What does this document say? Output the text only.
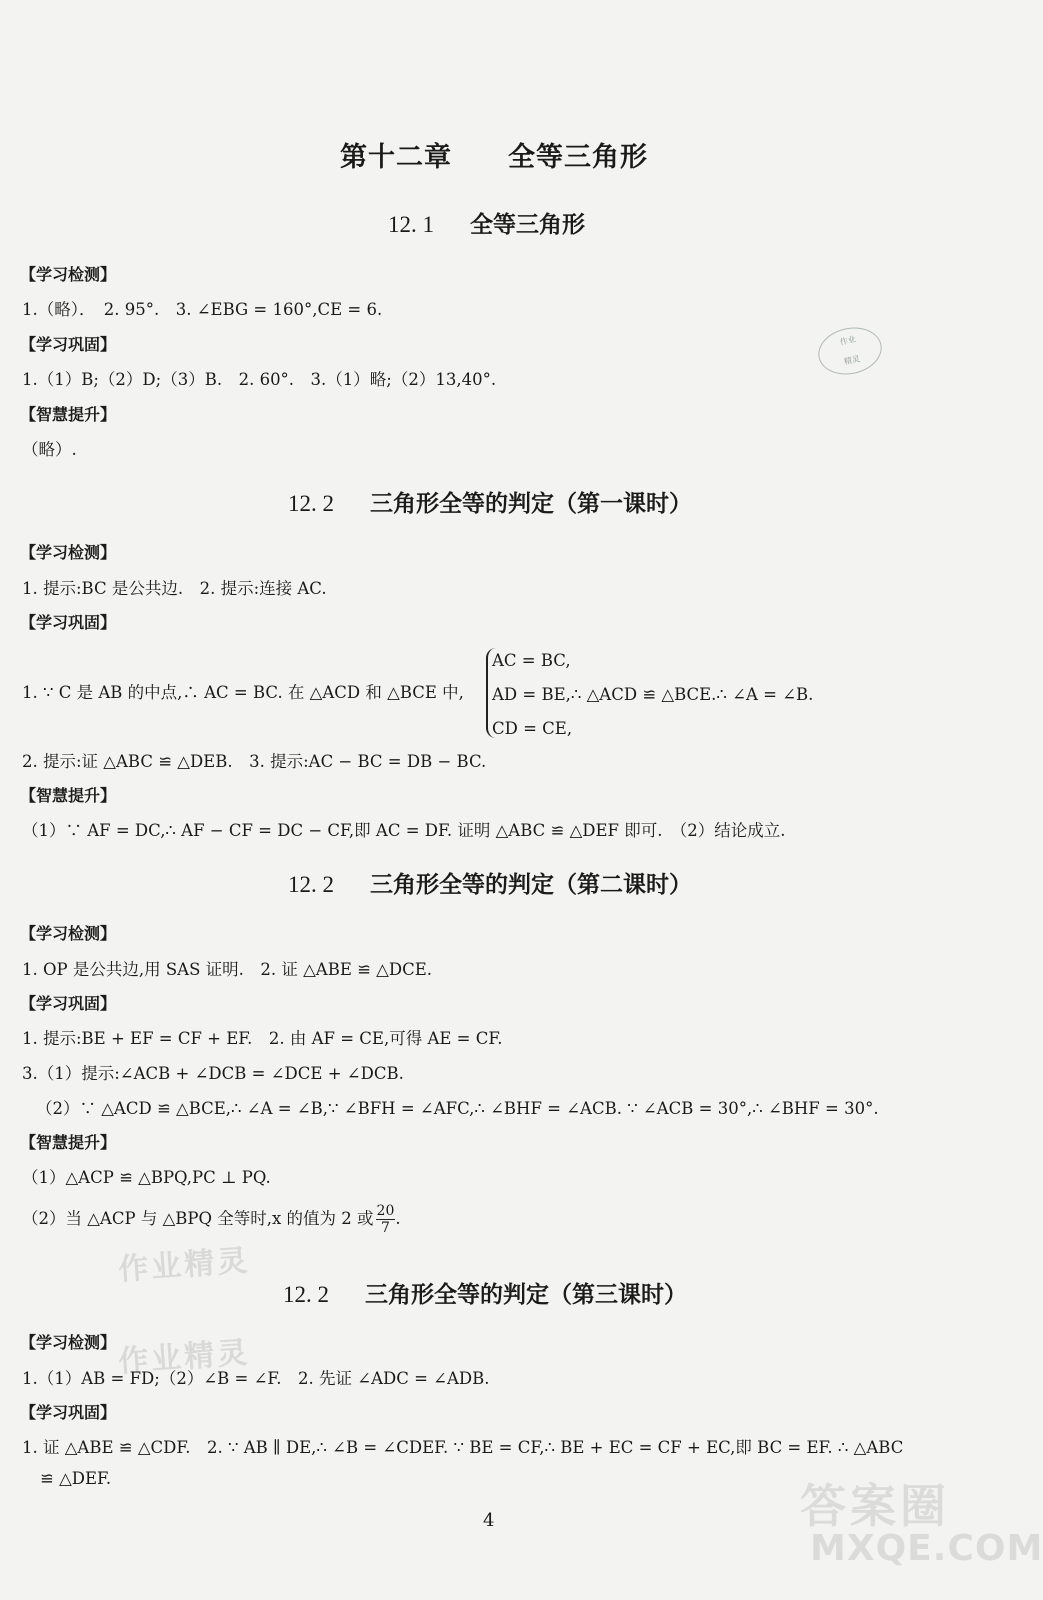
第十二章　　全等三角形
12. 1 全等三角形
【学习检测】
1.（略）．　2. 95°.　3. ∠EBG = 160°,CE = 6.
【学习巩固】
1.（1）B;（2）D;（3）B.　2. 60°.　3.（1）略;（2）13,40°.
【智慧提升】
（略）.
作业
精灵
12. 2 三角形全等的判定（第一课时）
【学习检测】
1. 提示:BC 是公共边.　2. 提示:连接 AC.
【学习巩固】
1. ∵ C 是 AB 的中点,∴ AC = BC. 在 △ACD 和 △BCE 中,
AC = BC,
AD = BE,∴ △ACD ≌ △BCE.∴ ∠A = ∠B.
CD = CE,
2. 提示:证 △ABC ≌ △DEB.　3. 提示:AC − BC = DB − BC.
【智慧提升】
（1）∵ AF = DC,∴ AF − CF = DC − CF,即 AC = DF. 证明 △ABC ≌ △DEF 即可.　（2）结论成立.
12. 2 三角形全等的判定（第二课时）
【学习检测】
1. OP 是公共边,用 SAS 证明.　2. 证 △ABE ≌ △DCE.
【学习巩固】
1. 提示:BE + EF = CF + EF.　2. 由 AF = CE,可得 AE = CF.
3.（1）提示:∠ACB + ∠DCB = ∠DCE + ∠DCB.
（2）∵ △ACD ≌ △BCE,∴ ∠A = ∠B,∵ ∠BFH = ∠AFC,∴ ∠BHF = ∠ACB. ∵ ∠ACB = 30°,∴ ∠BHF = 30°.
【智慧提升】
（1）△ACP ≌ △BPQ,PC ⊥ PQ.
（2）当 △ACP 与 △BPQ 全等时,x 的值为 2 或 $\frac{20}{7}$ .
作业精灵
12. 2 三角形全等的判定（第三课时）
【学习检测】 作业精灵
1.（1）AB = FD;（2）∠B = ∠F.　2. 先证 ∠ADC = ∠ADB.
【学习巩固】
1. 证 △ABE ≌ △CDF.　2. ∵ AB ∥ DE,∴ ∠B = ∠CDEF. ∵ BE = CF,∴ BE + EC = CF + EC,即 BC = EF. ∴ △ABC
≌ △DEF.
4	答案圈
MXQE.COM
